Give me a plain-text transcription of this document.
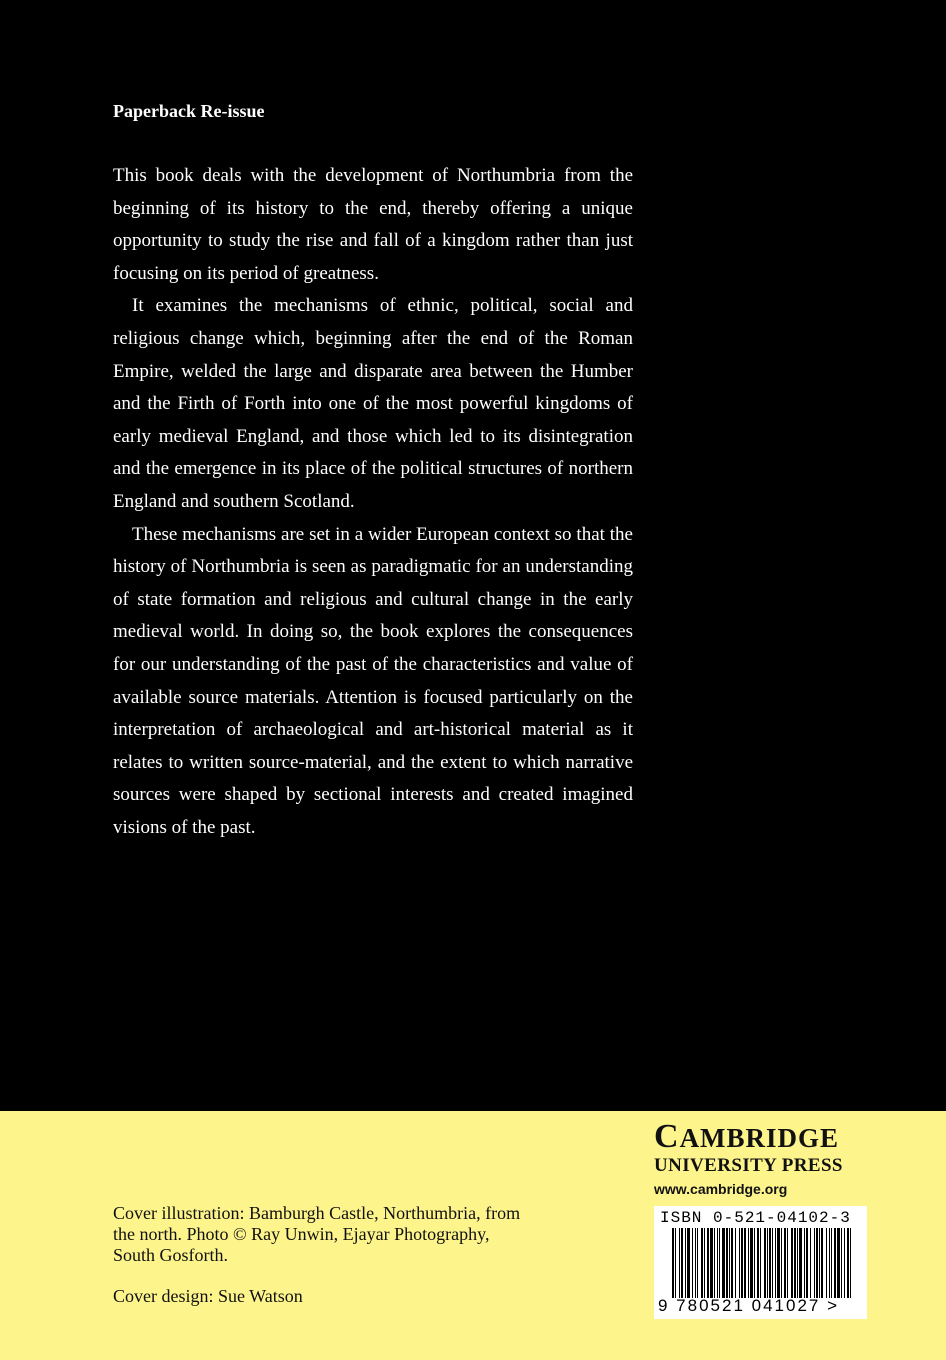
Paperback Re-issue

This book deals with the development of Northumbria from the beginning of its history to the end, thereby offering a unique opportunity to study the rise and fall of a kingdom rather than just focusing on its period of greatness.

It examines the mechanisms of ethnic, political, social and religious change which, beginning after the end of the Roman Empire, welded the large and disparate area between the Humber and the Firth of Forth into one of the most powerful kingdoms of early medieval England, and those which led to its disintegration and the emergence in its place of the political structures of northern England and southern Scotland.

These mechanisms are set in a wider European context so that the history of Northumbria is seen as paradigmatic for an understanding of state formation and religious and cultural change in the early medieval world. In doing so, the book explores the consequences for our understanding of the past of the characteristics and value of available source materials. Attention is focused particularly on the interpretation of archaeological and art-historical material as it relates to written source-material, and the extent to which narrative sources were shaped by sectional interests and created imagined visions of the past.

Cover illustration: Bamburgh Castle, Northumbria, from the north. Photo © Ray Unwin, Ejayar Photography, South Gosforth.

Cover design: Sue Watson

CAMBRIDGE

UNIVERSITY PRESS

www.cambridge.org

ISBN 0-521-04102-3

9 780521 041027 >
